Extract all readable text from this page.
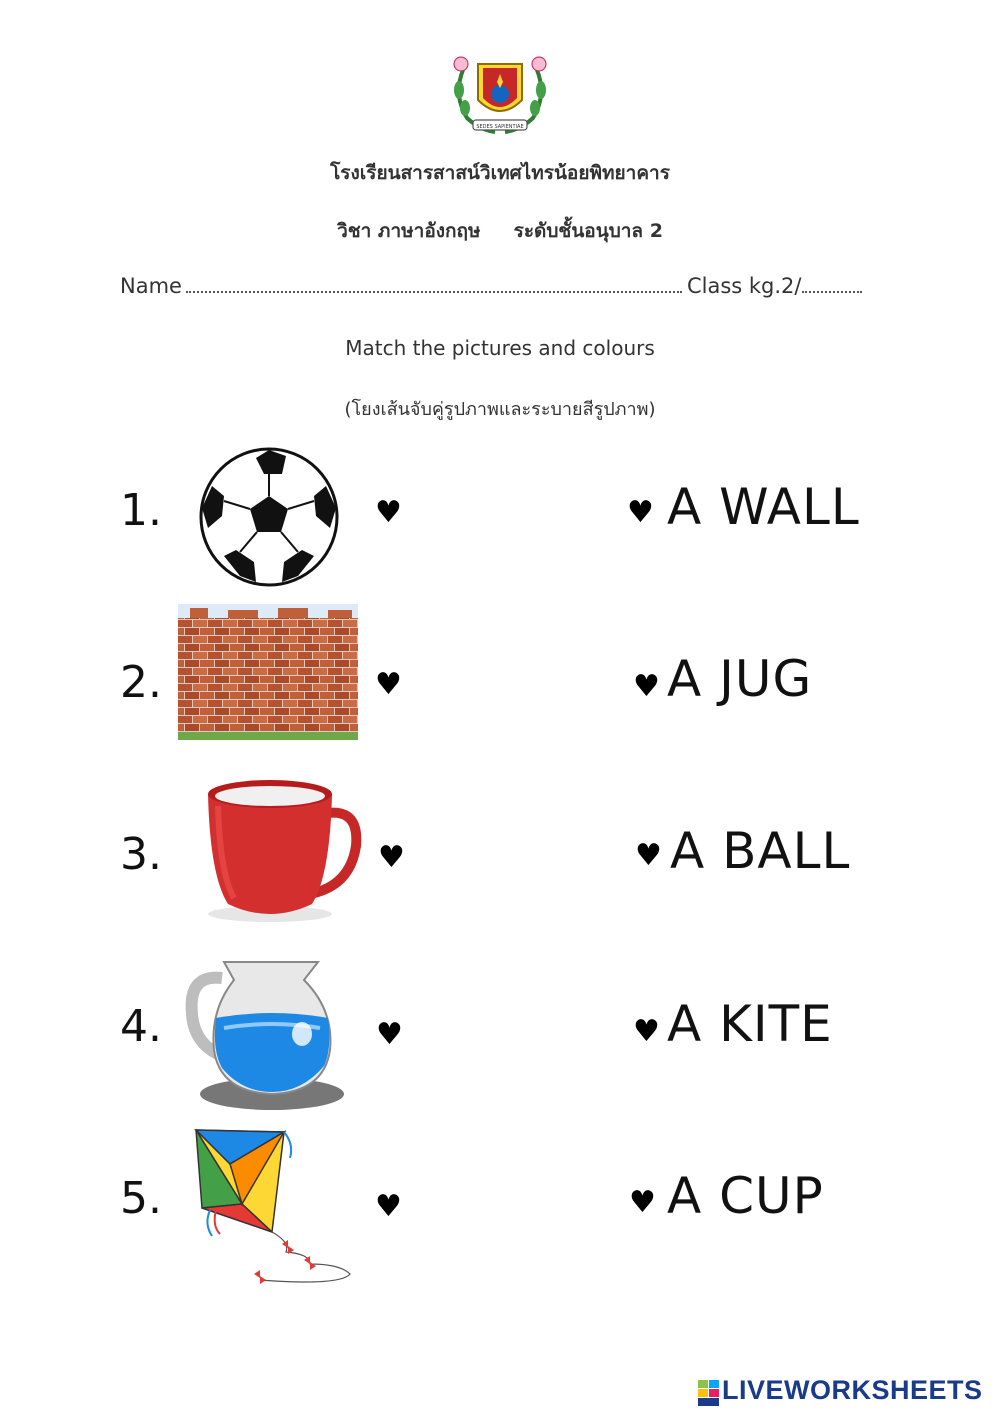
SEDES SAPIENTIAE
โรงเรียนสารสาสน์วิเทศไทรน้อยพิทยาคาร
วิชา ภาษาอังกฤษ     ระดับชั้นอนุบาล 2
Name	Class kg.2/
Match the pictures and colours
(โยงเส้นจับคู่รูปภาพและระบายสีรูปภาพ)
1.	♥	♥ A WALL
2.	♥	♥ A JUG
3.	♥	♥ A BALL
4.	♥	♥ A KITE
5.	♥	♥ A CUP
LIVEWORKSHEETS
